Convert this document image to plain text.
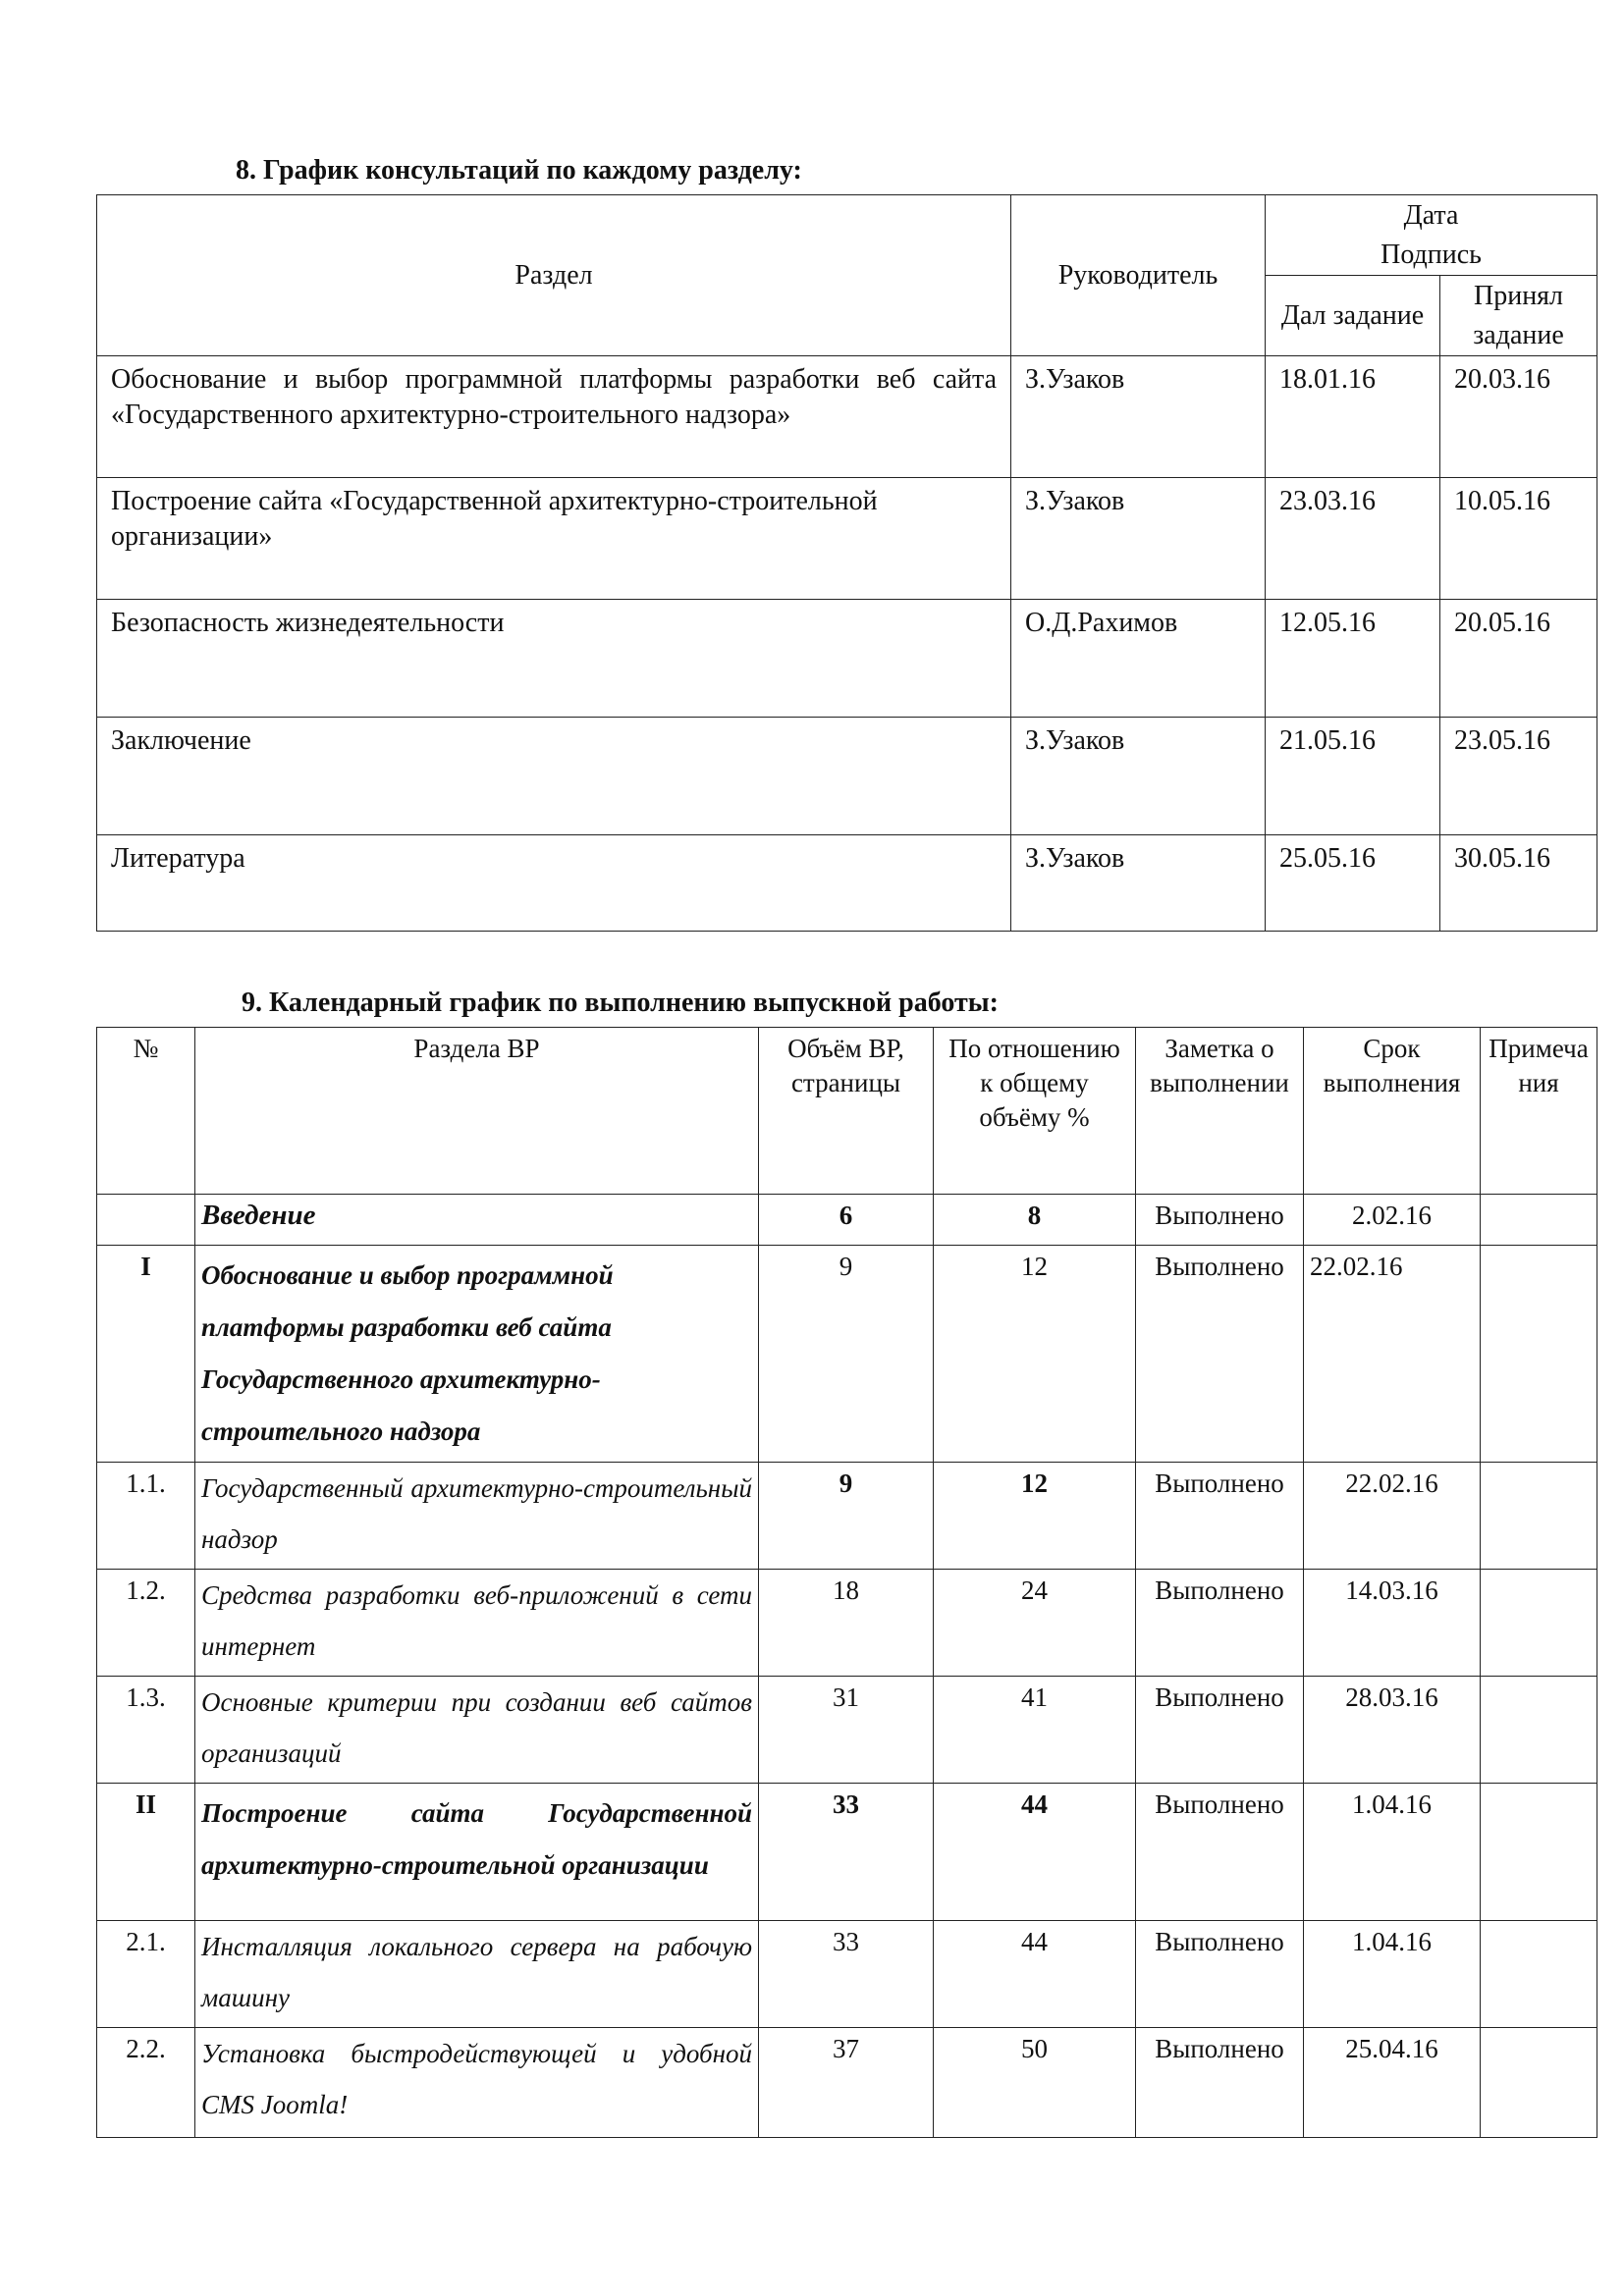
8. График консультаций по каждому разделу:
Раздел	Руководитель	Дата
Подпись	

		Дал задание	Принял задание
Обоснование и выбор программной платформы разработки веб сайта «Государственного архитектурно-строительного надзора»	З.Узаков	18.01.16	20.03.16
Построение сайта «Государственной архитектурно-строительной организации»	З.Узаков	23.03.16	10.05.16
Безопасность жизнедеятельности	О.Д.Рахимов	12.05.16	20.05.16
Заключение	З.Узаков	21.05.16	23.05.16
Литература	З.Узаков	25.05.16	30.05.16
9. Календарный график по выполнению выпускной работы:
№	Раздела ВР	Объём ВР, страницы	По отношению к общему объёму %	Заметка о выполнении	Срок выполнения	Примеча ния
	Введение	6	8	Выполнено	2.02.16	
I	Обоснование и выбор программной платформы разработки веб сайта Государственного архитектурно-строительного надзора	9	12	Выполнено	22.02.16	
1.1.	Государственный архитектурно-строительный надзор	9	12	Выполнено	22.02.16	
1.2.	Средства разработки веб-приложений в сети интернет	18	24	Выполнено	14.03.16	
1.3.	Основные критерии при создании веб сайтов организаций	31	41	Выполнено	28.03.16	
II	Построение сайта Государственной архитектурно-строительной организации	33	44	Выполнено	1.04.16	
2.1.	Инсталляция локального сервера на рабочую машину	33	44	Выполнено	1.04.16	
2.2.	Установка быстродействующей и удобной CMS Joomla!	37	50	Выполнено	25.04.16	
